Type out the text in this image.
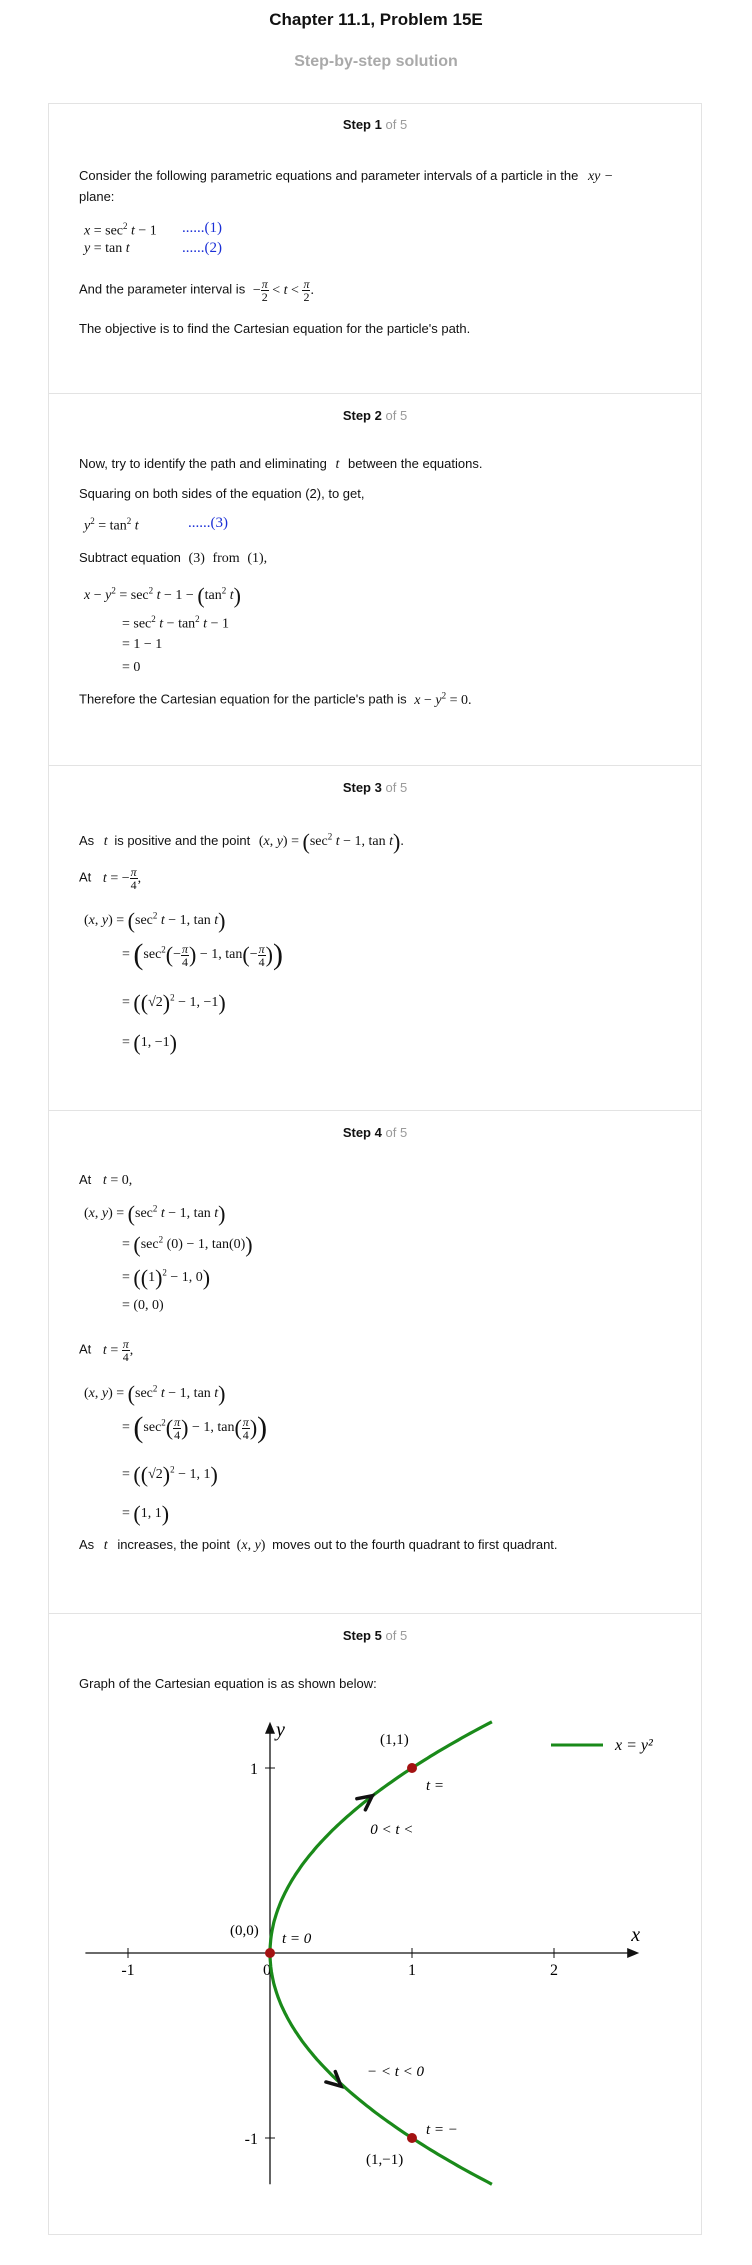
Chapter 11.1, Problem 15E
Step-by-step solution
Step 1 of 5
Consider the following parametric equations and parameter intervals of a particle in the xy −
plane:
$x = \sec^2 t - 1$ ......(1)
y = tan t	......(2)
And the parameter interval is − $\frac{\pi}{2} < t < \frac{\pi}{2}$ .
The objective is to find the Cartesian equation for the particle's path.
Step 2 of 5
Now, try to identify the path and eliminating t between the equations.
Squaring on both sides of the equation (2), to get,
$y^2 = \tan^2 t$	......(3)
Subtract equation (3) from (1),
$x - y^2 = \sec^2 t - 1 - (\tan^2$ t)
= $\sec^2 t - \tan^2 t - 1$
= 1 − 1
= 0
Therefore the Cartesian equation for the particle's path is $x - y^2 = 0$.
Step 3 of 5
As t is positive and the point (x, $y) = (\sec^2$ t − 1, tan t).
At t = − $\frac{\pi}{4}$ ,
(x, $y) = (\sec^2$ t − 1, tan t)
= ($\sec^2(- \frac{\pi}{4}$ ) − 1, $\tan(- \frac{\pi}{4}$ ))
= ($(√2)^2 - 1$, −1)
= (1, −1)
Step 4 of 5
At t = 0,
(x, $y) = (\sec^2$ t − 1, tan t)
= ($\sec^2$ (0) − 1, tan(0))
= ($(1)^2 - 1$, 0)
= (0, 0)
At $t = \frac{\pi}{4}$ ,
(x, $y) = (\sec^2$ t − 1, tan t)
= ($\sec^2( \frac{\pi}{4}$ ) − 1, $\tan( \frac{\pi}{4}$ ))
= ($(√2)^2 - 1$, 1)
= (1, 1)
As t increases, the point (x, y) moves out to the fourth quadrant to first quadrant.
Step 5 of 5
Graph of the Cartesian equation is as shown below:
x
y
-1	0	1	2
1
-1
x = y²
0 < t <
− < t < 0
(0,0) t = 0
(1,1)
t =
(1,−1)
t = −
